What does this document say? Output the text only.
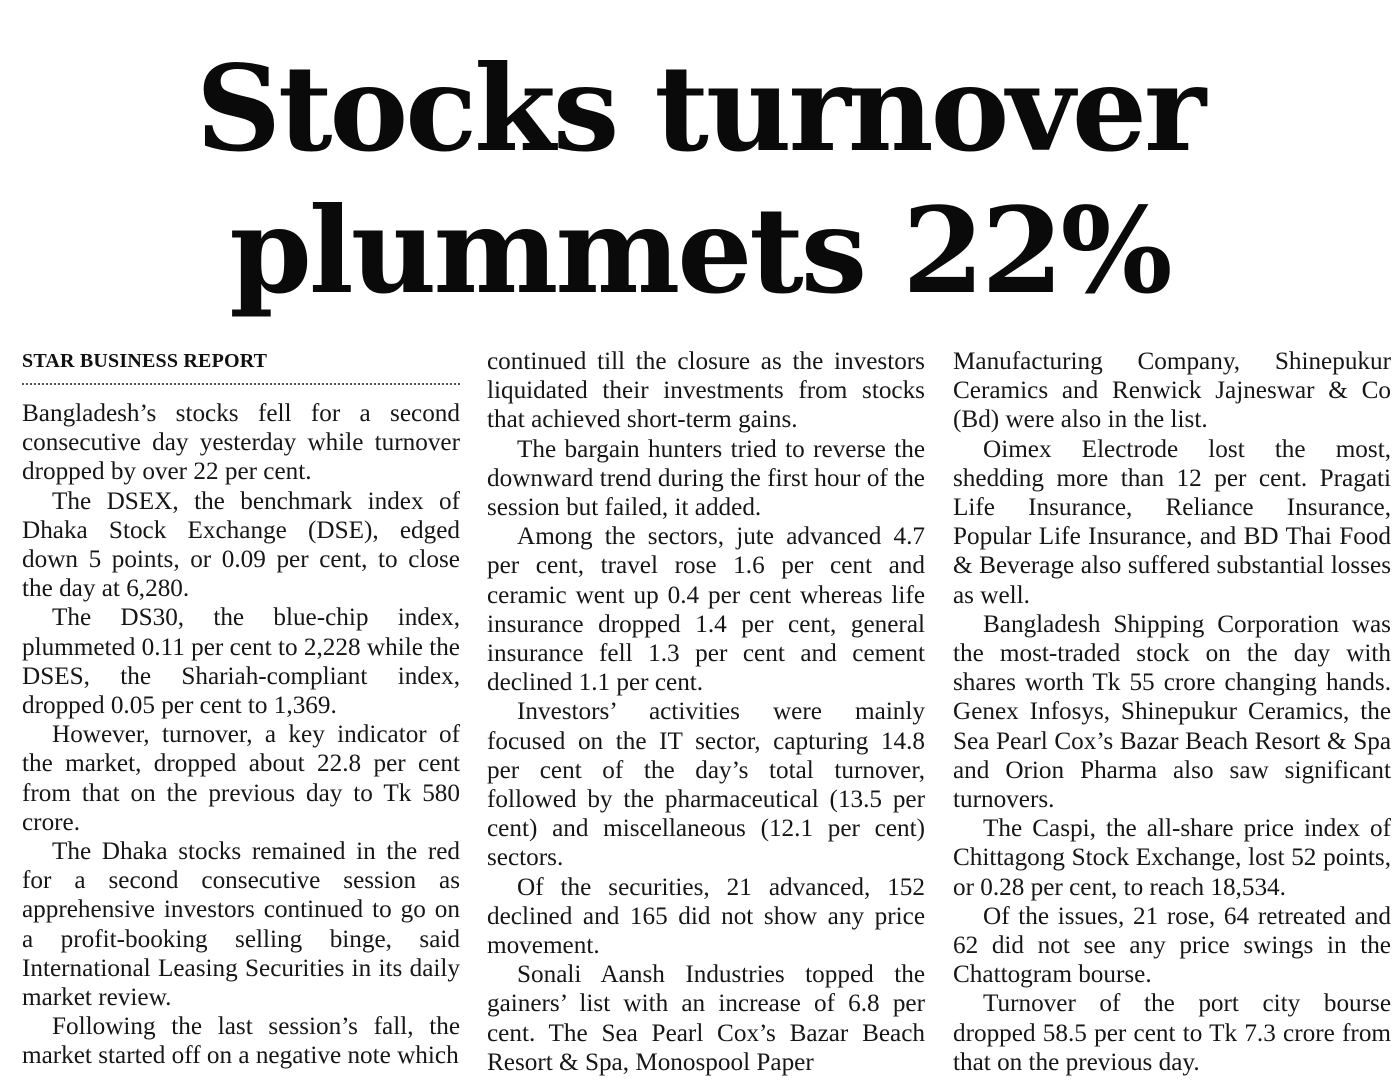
Stocks turnover
plummets 22%
STAR BUSINESS REPORT

Bangladesh’s stocks fell for a second consecutive day yesterday while turnover dropped by over 22 per cent.

The DSEX, the benchmark index of Dhaka Stock Exchange (DSE), edged down 5 points, or 0.09 per cent, to close the day at 6,280.

The DS30, the blue-chip index, plummeted 0.11 per cent to 2,228 while the DSES, the Shariah-compliant index, dropped 0.05 per cent to 1,369.

However, turnover, a key indicator of the market, dropped about 22.8 per cent from that on the previous day to Tk 580 crore.

The Dhaka stocks remained in the red for a second consecutive session as apprehensive investors continued to go on a profit-booking selling binge, said International Leasing Securities in its daily market review.

Following the last session’s fall, the market started off on a negative note which

continued till the closure as the investors liquidated their investments from stocks that achieved short-term gains.

The bargain hunters tried to reverse the downward trend during the first hour of the session but failed, it added.

Among the sectors, jute advanced 4.7 per cent, travel rose 1.6 per cent and ceramic went up 0.4 per cent whereas life insurance dropped 1.4 per cent, general insurance fell 1.3 per cent and cement declined 1.1 per cent.

Investors’ activities were mainly focused on the IT sector, capturing 14.8 per cent of the day’s total turnover, followed by the pharmaceutical (13.5 per cent) and miscellaneous (12.1 per cent) sectors.

Of the securities, 21 advanced, 152 declined and 165 did not show any price movement.

Sonali Aansh Industries topped the gainers’ list with an increase of 6.8 per cent. The Sea Pearl Cox’s Bazar Beach Resort & Spa, Monospool Paper

Manufacturing Company, Shinepukur Ceramics and Renwick Jajneswar & Co (Bd) were also in the list.

Oimex Electrode lost the most, shedding more than 12 per cent. Pragati Life Insurance, Reliance Insurance, Popular Life Insurance, and BD Thai Food & Beverage also suffered substantial losses as well.

Bangladesh Shipping Corporation was the most-traded stock on the day with shares worth Tk 55 crore changing hands. Genex Infosys, Shinepukur Ceramics, the Sea Pearl Cox’s Bazar Beach Resort & Spa and Orion Pharma also saw significant turnovers.

The Caspi, the all-share price index of Chittagong Stock Exchange, lost 52 points, or 0.28 per cent, to reach 18,534.

Of the issues, 21 rose, 64 retreated and 62 did not see any price swings in the Chattogram bourse.

Turnover of the port city bourse dropped 58.5 per cent to Tk 7.3 crore from that on the previous day.
